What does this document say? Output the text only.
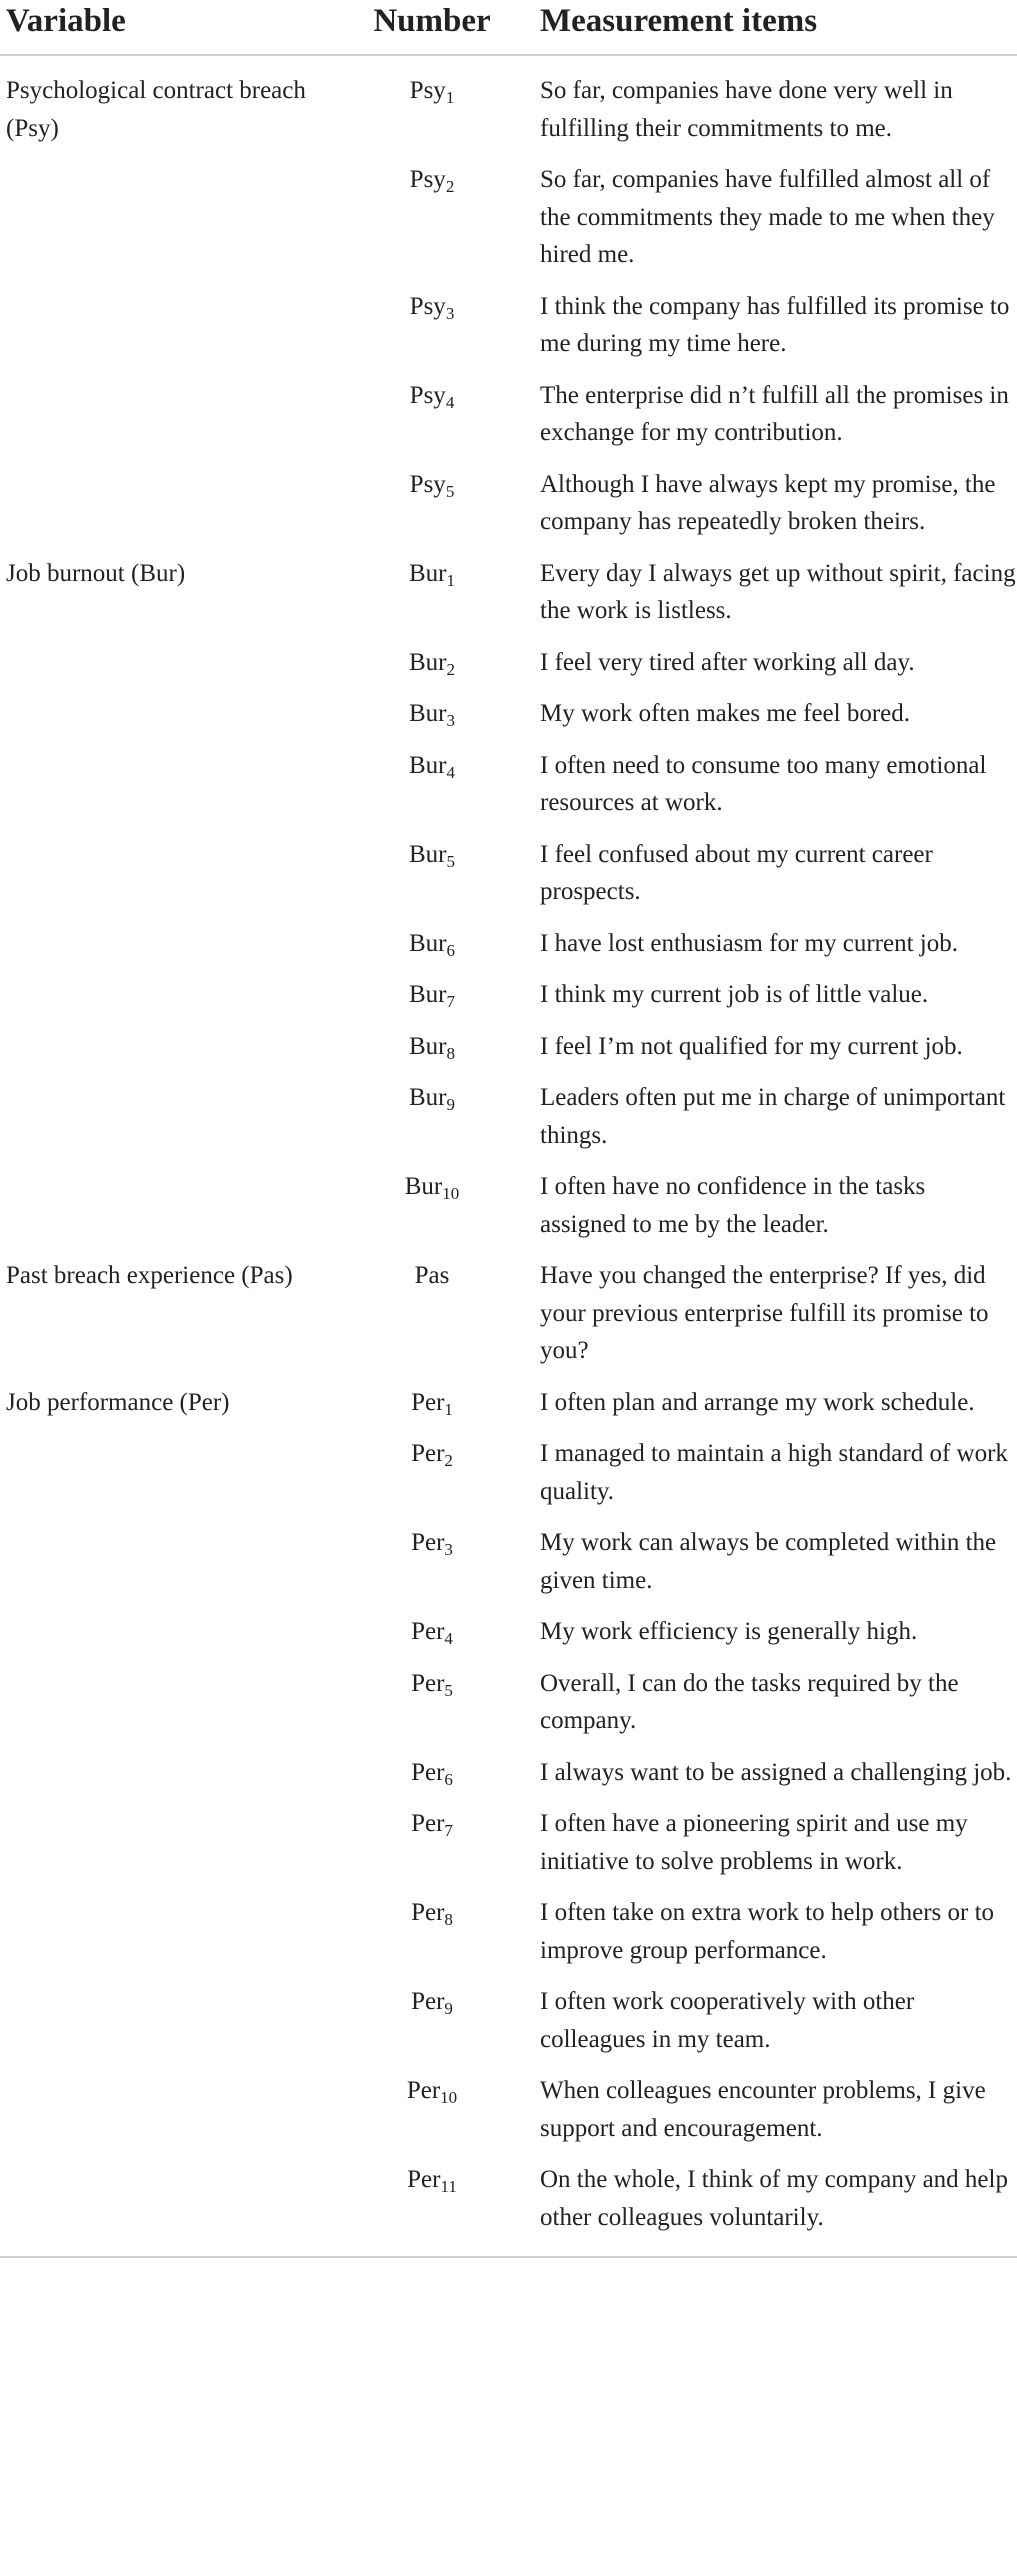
Variable	Number	Measurement items
Psychological contract breach (Psy)	Psy$_1$	So far, companies have done very well in fulfilling their commitments to me.
	Psy$_2$	So far, companies have fulfilled almost all of the commitments they made to me when they hired me.
	Psy$_3$	I think the company has fulfilled its promise to me during my time here.
	Psy$_4$	The enterprise did n’t fulfill all the promises in exchange for my contribution.
	Psy$_5$	Although I have always kept my promise, the company has repeatedly broken theirs.
Job burnout (Bur)	Bur$_1$	Every day I always get up without spirit, facing the work is listless.
	Bur$_2$	I feel very tired after working all day.
	Bur$_3$	My work often makes me feel bored.
	Bur$_4$	I often need to consume too many emotional resources at work.
	Bur$_5$	I feel confused about my current career prospects.
	Bur$_6$	I have lost enthusiasm for my current job.
	Bur$_7$	I think my current job is of little value.
	Bur$_8$	I feel I’m not qualified for my current job.
	Bur$_9$	Leaders often put me in charge of unimportant things.
	Bur$_{10}$	I often have no confidence in the tasks assigned to me by the leader.
Past breach experience (Pas)	Pas	Have you changed the enterprise? If yes, did your previous enterprise fulfill its promise to you?
Job performance (Per)	Per$_1$	I often plan and arrange my work schedule.
	Per$_2$	I managed to maintain a high standard of work quality.
	Per$_3$	My work can always be completed within the given time.
	Per$_4$	My work efficiency is generally high.
	Per$_5$	Overall, I can do the tasks required by the company.
	Per$_6$	I always want to be assigned a challenging job.
	Per$_7$	I often have a pioneering spirit and use my initiative to solve problems in work.
	Per$_8$	I often take on extra work to help others or to improve group performance.
	Per$_9$	I often work cooperatively with other colleagues in my team.
	Per$_{10}$	When colleagues encounter problems, I give support and encouragement.
	Per$_{11}$	On the whole, I think of my company and help other colleagues voluntarily.
